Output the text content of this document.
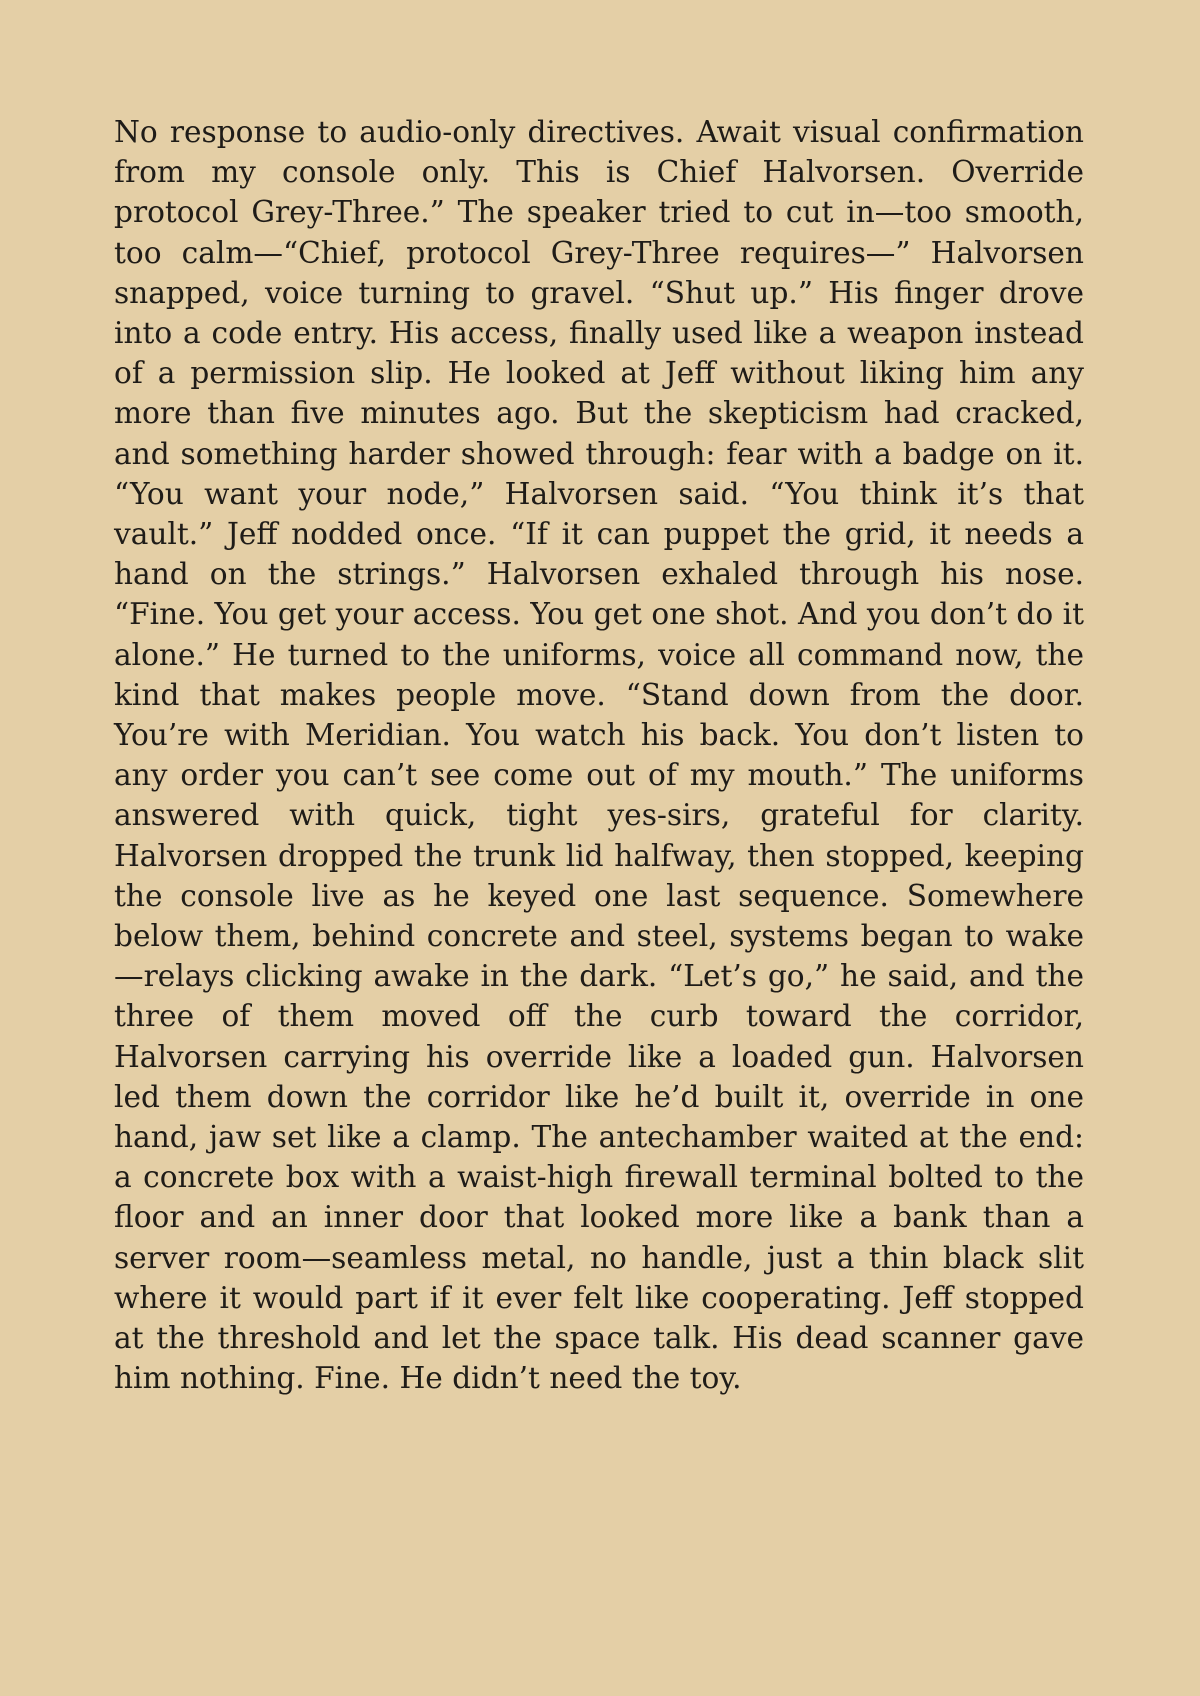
No response to audio-only directives. Await visual confirmation from my console only. This is Chief Halvorsen. Override protocol Grey-Three.” The speaker tried to cut in—too smooth, too calm—“Chief, protocol Grey-Three requires—” Halvorsen snapped, voice turning to gravel. “Shut up.” His finger drove into a code entry. His access, finally used like a weapon instead of a permission slip. He looked at Jeff without liking him any more than five minutes ago. But the skepticism had cracked, and something harder showed through: fear with a badge on it. “You want your node,” Halvorsen said. “You think it’s that vault.” Jeff nodded once. “If it can puppet the grid, it needs a hand on the strings.” Halvorsen exhaled through his nose. “Fine. You get your access. You get one shot. And you don’t do it alone.” He turned to the uniforms, voice all command now, the kind that makes people move. “Stand down from the door. You’re with Meridian. You watch his back. You don’t listen to any order you can’t see come out of my mouth.” The uniforms answered with quick, tight yes-sirs, grateful for clarity. Halvorsen dropped the trunk lid halfway, then stopped, keeping the console live as he keyed one last sequence. Somewhere below them, behind concrete and steel, systems began to wake—relays clicking awake in the dark. “Let’s go,” he said, and the three of them moved off the curb toward the corridor, Halvorsen carrying his override like a loaded gun. Halvorsen led them down the corridor like he’d built it, override in one hand, jaw set like a clamp. The antechamber waited at the end: a concrete box with a waist-high firewall terminal bolted to the floor and an inner door that looked more like a bank than a server room—seamless metal, no handle, just a thin black slit where it would part if it ever felt like cooperating. Jeff stopped at the threshold and let the space talk. His dead scanner gave him nothing. Fine. He didn’t need the toy.
